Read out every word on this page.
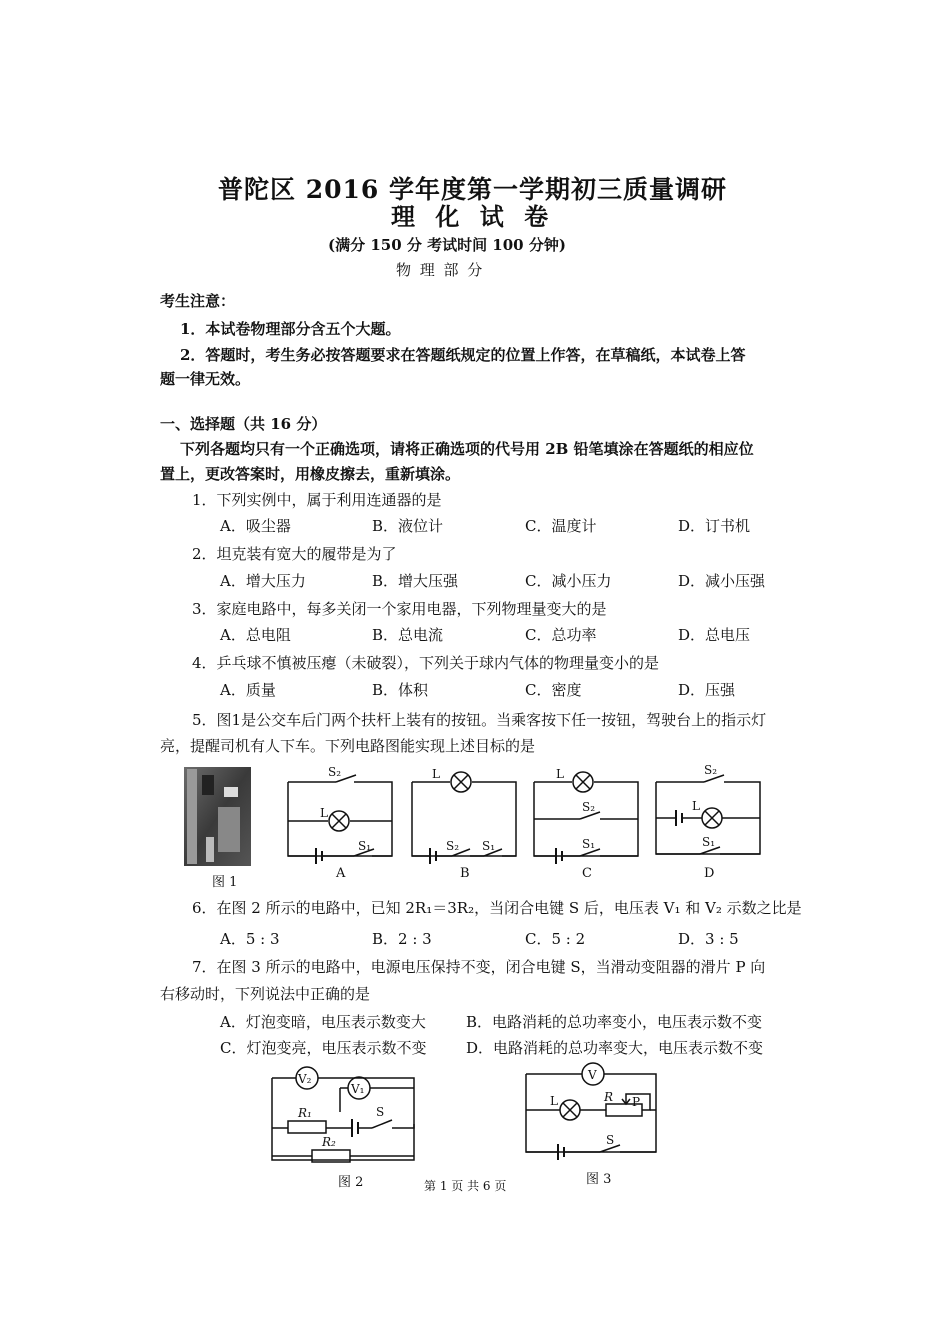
普陀区 2016 学年度第一学期初三质量调研
理 化 试 卷
(满分 150 分 考试时间 100 分钟)
物 理 部 分
考生注意：
1．本试卷物理部分含五个大题。
2．答题时，考生务必按答题要求在答题纸规定的位置上作答，在草稿纸，本试卷上答
题一律无效。
一、选择题（共 16 分）
下列各题均只有一个正确选项，请将正确选项的代号用 2B 铅笔填涂在答题纸的相应位
置上，更改答案时，用橡皮擦去，重新填涂。
1．下列实例中，属于利用连通器的是
A．吸尘器	B．液位计	C．温度计	D．订书机
2．坦克装有宽大的履带是为了
A．增大压力	B．增大压强	C．减小压力	D．减小压强
3．家庭电路中，每多关闭一个家用电器，下列物理量变大的是
A．总电阻	B．总电流	C．总功率	D．总电压
4．乒乓球不慎被压瘪（未破裂），下列关于球内气体的物理量变小的是
A．质量	B．体积	C．密度	D．压强
5．图1是公交车后门两个扶杆上装有的按钮。当乘客按下任一按钮，驾驶台上的指示灯
亮，提醒司机有人下车。下列电路图能实现上述目标的是
图 1
S₂
L
S₁
A
L
S₂ S₁
B
L
S₂
S₁
C
S₂
L
S₁
D
6．在图 2 所示的电路中，已知 2R₁＝3R₂，当闭合电键 S 后，电压表 V₁ 和 V₂ 示数之比是
A．5 : 3	B．2 : 3	C．5 : 2	D．3 : 5
7．在图 3 所示的电路中，电源电压保持不变，闭合电键 S，当滑动变阻器的滑片 P 向
右移动时，下列说法中正确的是
A．灯泡变暗，电压表示数变大	B．电路消耗的总功率变小，电压表示数不变
C．灯泡变亮，电压表示数不变	D．电路消耗的总功率变大，电压表示数不变
V₂
V₁
R₁	S
R₂
图 2	第 1 页 共 6 页
V
L	R P
S
图 3
